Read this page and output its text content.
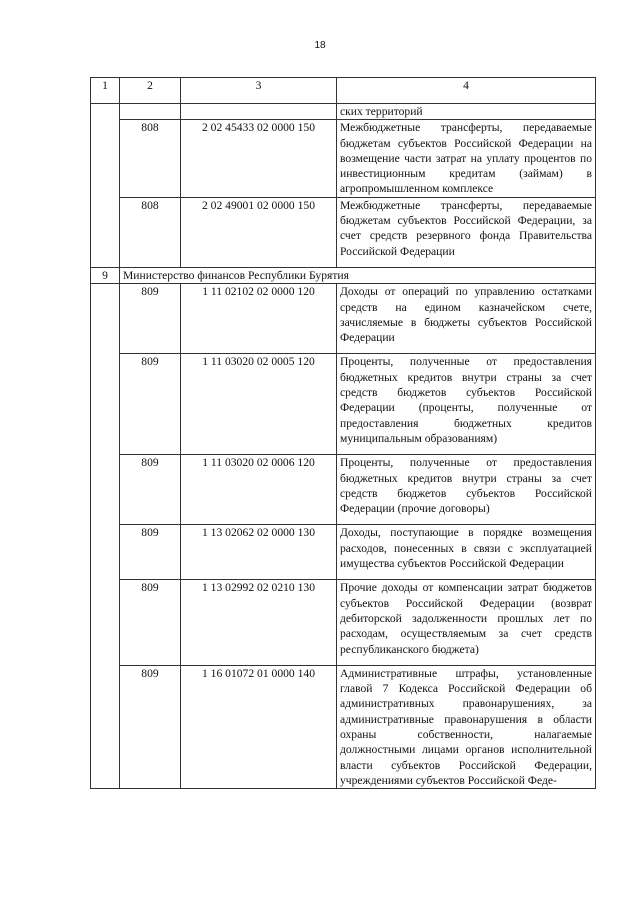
18
1	2	3	4
			ских территорий
	808	2 02 45433 02 0000 150	Межбюджетные трансферты, передаваемые бюджетам субъектов Российской Федерации на возмещение части затрат на уплату процентов по инвестиционным кредитам (займам) в агропромышленном комплексе
	808	2 02 49001 02 0000 150	Межбюджетные трансферты, передаваемые бюджетам субъектов Российской Федерации, за счет средств резервного фонда Правительства Российской Федерации

9	Министерство финансов Республики Бурятия		
	809	1 11 02102 02 0000 120	Доходы от операций по управлению остатками средств на едином казначейском счете, зачисляемые в бюджеты субъектов Российской Федерации

	809	1 11 03020 02 0005 120	Проценты, полученные от предоставления бюджетных кредитов внутри страны за счет средств бюджетов субъектов Российской Федерации (проценты, полученные от предоставления бюджетных кредитов муниципальным образованиям)

	809	1 11 03020 02 0006 120	Проценты, полученные от предоставления бюджетных кредитов внутри страны за счет средств бюджетов субъектов Российской Федерации (прочие договоры)

	809	1 13 02062 02 0000 130	Доходы, поступающие в порядке возмещения расходов, понесенных в связи с эксплуатацией имущества субъектов Российской Федерации

	809	1 13 02992 02 0210 130	Прочие доходы от компенсации затрат бюджетов субъектов Российской Федерации (возврат дебиторской задолженности прошлых лет по расходам, осуществляемым за счет средств республиканского бюджета)

	809	1 16 01072 01 0000 140	Административные штрафы, установленные главой 7 Кодекса Российской Федерации об административных правонарушениях, за административные правонарушения в области охраны собственности, налагаемые должностными лицами органов исполнительной власти субъектов Российской Федерации, учреждениями субъектов Российской Феде-
